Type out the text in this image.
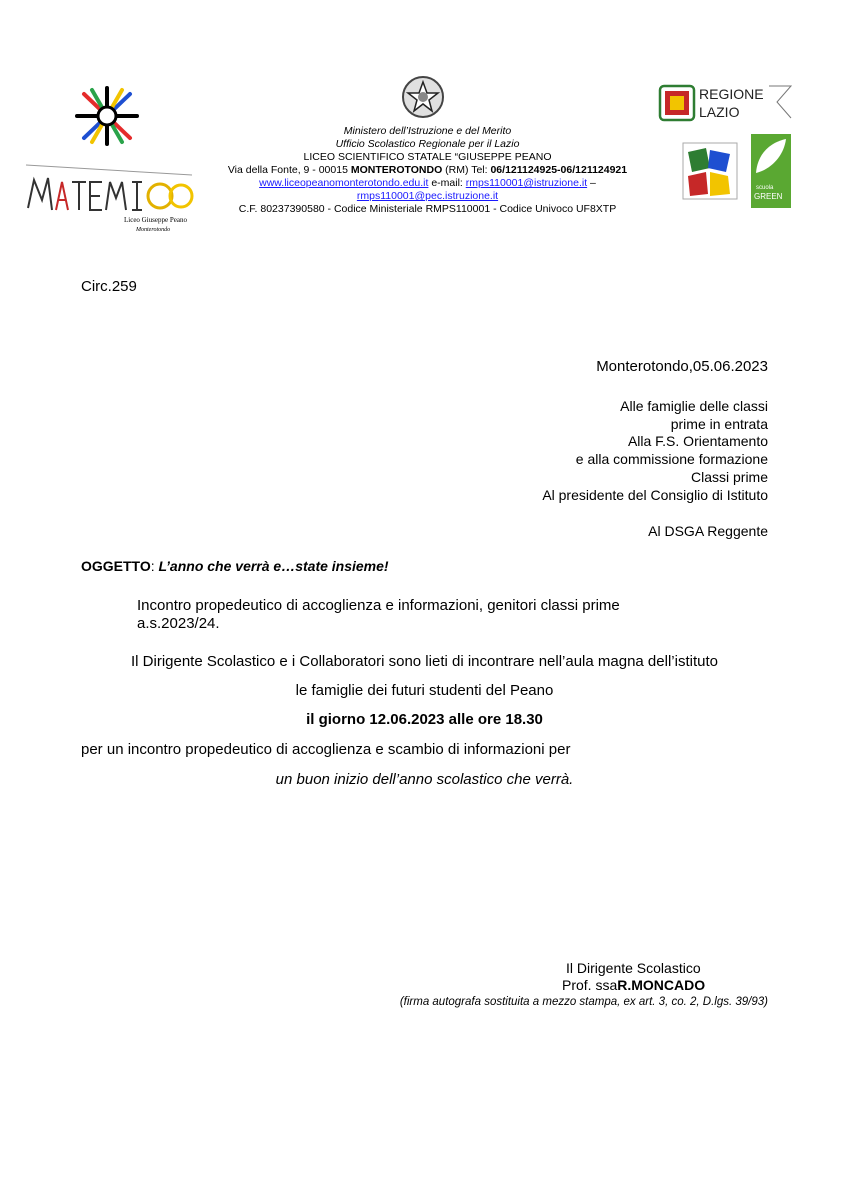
Liceo Giuseppe Peano
Monterotondo
Ministero dell’Istruzione e del Merito
Ufficio Scolastico Regionale per il Lazio
LICEO SCIENTIFICO STATALE “GIUSEPPE PEANO
Via della Fonte, 9 - 00015 MONTEROTONDO (RM) Tel: 06/121124925-06/121124921
www.liceopeanomonterotondo.edu.it e-mail: rmps110001@istruzione.it –
rmps110001@pec.istruzione.it
C.F. 80237390580 - Codice Ministeriale RMPS110001 - Codice Univoco UF8XTP
REGIONE
LAZIO
scuola
GREEN
Circ.259
Monterotondo,05.06.2023
Alle famiglie delle classi
prime in entrata
Alla F.S. Orientamento
e alla commissione formazione
Classi prime
Al presidente del Consiglio di Istituto
Al DSGA Reggente
OGGETTO: L’anno che verrà e…state insieme!
Incontro propedeutico di accoglienza e informazioni, genitori classi prime
a.s.2023/24.
Il Dirigente Scolastico e i Collaboratori sono lieti di incontrare nell’aula magna dell’istituto
le famiglie dei futuri studenti del Peano
il giorno 12.06.2023 alle ore 18.30
per un incontro propedeutico di accoglienza e scambio di informazioni per
un buon inizio dell’anno scolastico che verrà.
Il Dirigente Scolastico
Prof. ssaR.MONCADO
(firma autografa sostituita a mezzo stampa, ex art. 3, co. 2, D.lgs. 39/93)
